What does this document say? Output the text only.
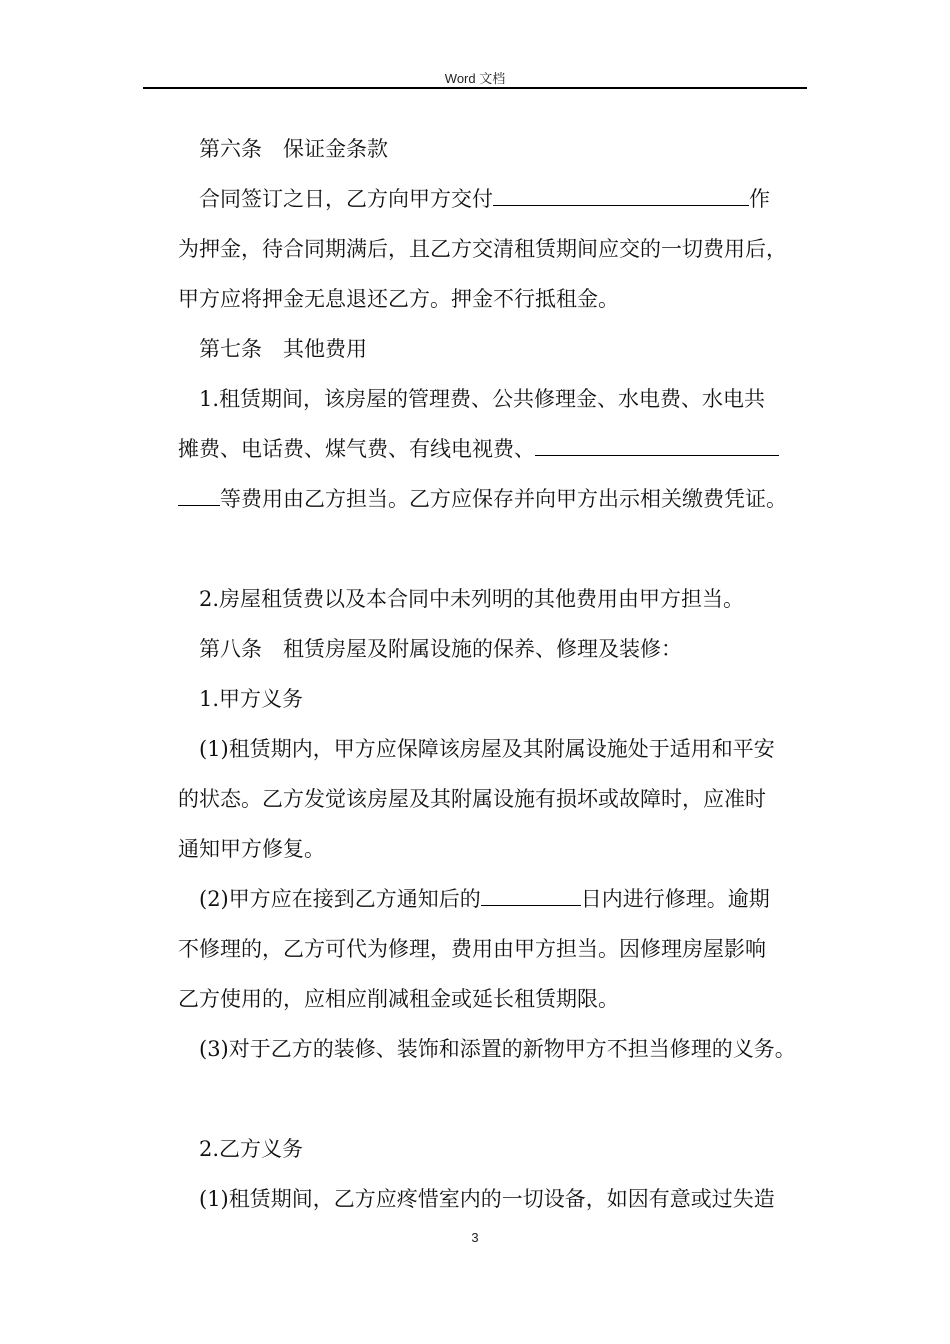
Word 文档
第六条　保证金条款
合同签订之日，乙方向甲方交付	作
为押金，待合同期满后，且乙方交清租赁期间应交的一切费用后，
甲方应将押金无息退还乙方。押金不行抵租金。
第七条　其他费用
1.租赁期间，该房屋的管理费、公共修理金、水电费、水电共
摊费、电话费、煤气费、有线电视费、
等费用由乙方担当。乙方应保存并向甲方出示相关缴费凭证。
2.房屋租赁费以及本合同中未列明的其他费用由甲方担当。
第八条　租赁房屋及附属设施的保养、修理及装修：
1.甲方义务
(1)租赁期内，甲方应保障该房屋及其附属设施处于适用和平安
的状态。乙方发觉该房屋及其附属设施有损坏或故障时，应准时
通知甲方修复。
(2)甲方应在接到乙方通知后的	日内进行修理。逾期
不修理的，乙方可代为修理，费用由甲方担当。因修理房屋影响
乙方使用的，应相应削减租金或延长租赁期限。
(3)对于乙方的装修、装饰和添置的新物甲方不担当修理的义务。
2.乙方义务
(1)租赁期间，乙方应疼惜室内的一切设备，如因有意或过失造
3
